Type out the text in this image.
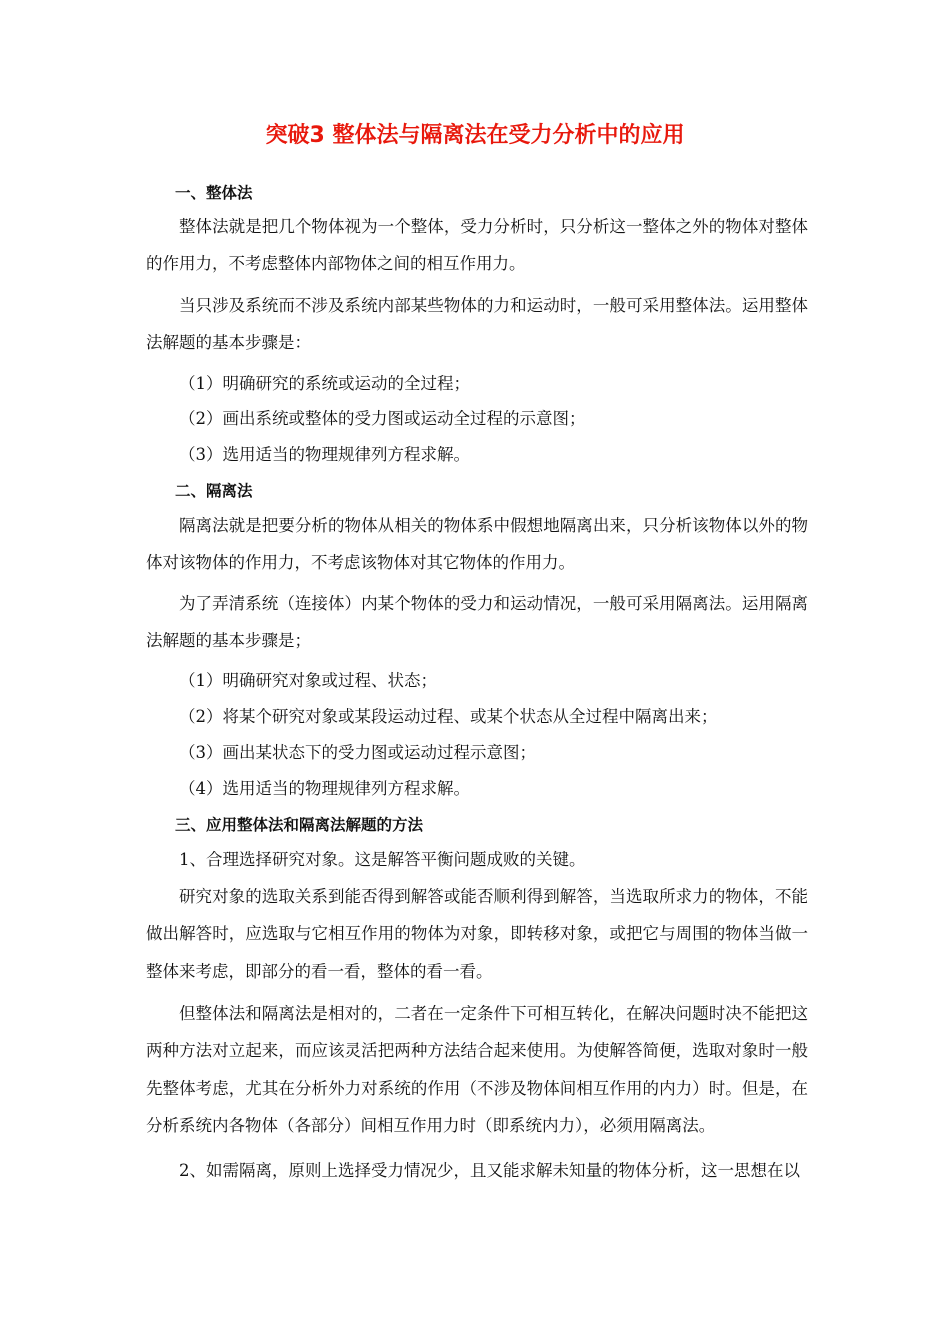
突破3 整体法与隔离法在受力分析中的应用
一、整体法
整体法就是把几个物体视为一个整体，受力分析时，只分析这一整体之外的物体对整体的作用力，不考虑整体内部物体之间的相互作用力。
当只涉及系统而不涉及系统内部某些物体的力和运动时，一般可采用整体法。运用整体法解题的基本步骤是：
（1）明确研究的系统或运动的全过程；
（2）画出系统或整体的受力图或运动全过程的示意图；
（3）选用适当的物理规律列方程求解。
二、隔离法
隔离法就是把要分析的物体从相关的物体系中假想地隔离出来，只分析该物体以外的物体对该物体的作用力，不考虑该物体对其它物体的作用力。
为了弄清系统（连接体）内某个物体的受力和运动情况，一般可采用隔离法。运用隔离法解题的基本步骤是；
（1）明确研究对象或过程、状态；
（2）将某个研究对象或某段运动过程、或某个状态从全过程中隔离出来；
（3）画出某状态下的受力图或运动过程示意图；
（4）选用适当的物理规律列方程求解。
三、应用整体法和隔离法解题的方法
1、合理选择研究对象。这是解答平衡问题成败的关键。
研究对象的选取关系到能否得到解答或能否顺利得到解答，当选取所求力的物体，不能做出解答时，应选取与它相互作用的物体为对象，即转移对象，或把它与周围的物体当做一整体来考虑，即部分的看一看，整体的看一看。
但整体法和隔离法是相对的，二者在一定条件下可相互转化，在解决问题时决不能把这两种方法对立起来，而应该灵活把两种方法结合起来使用。为使解答简便，选取对象时一般先整体考虑，尤其在分析外力对系统的作用（不涉及物体间相互作用的内力）时。但是，在分析系统内各物体（各部分）间相互作用力时（即系统内力），必须用隔离法。
2、如需隔离，原则上选择受力情况少，且又能求解未知量的物体分析，这一思想在以
